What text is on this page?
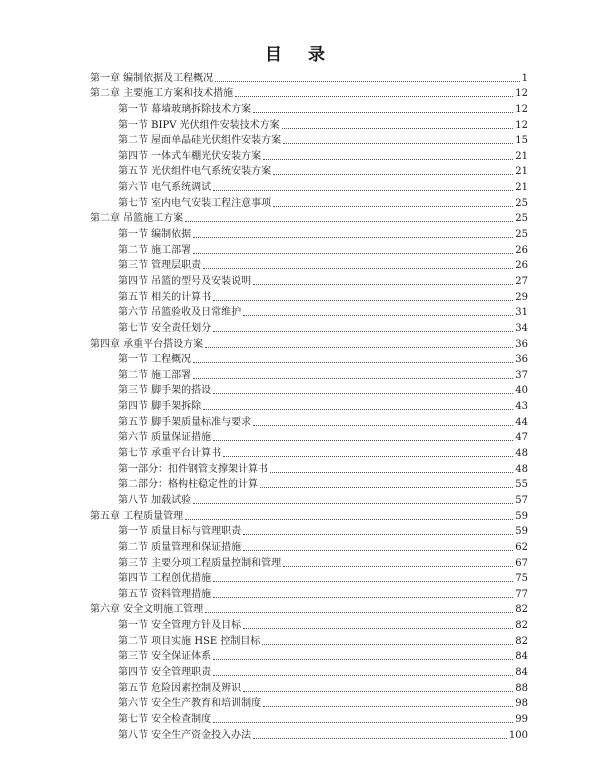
目 录
第一章 编制依据及工程概况	1
第二章 主要施工方案和技术措施	12
第一节 幕墙玻璃拆除技术方案	12
第一节 BIPV 光伏组件安装技术方案	12
第二节 屋面单晶硅光伏组件安装方案	15
第四节 一体式车棚光伏安装方案	21
第五节 光伏组件电气系统安装方案	21
第六节 电气系统调试	21
第七节 室内电气安装工程注意事项	25
第二章 吊篮施工方案	25
第一节 编制依据	25
第二节 施工部署	26
第三节 管理层职责	26
第四节 吊篮的型号及安装说明	27
第五节 相关的计算书	29
第六节 吊篮验收及日常维护	31
第七节 安全责任划分	34
第四章 承重平台搭设方案	36
第一节 工程概况	36
第二节 施工部署	37
第三节 脚手架的搭设	40
第四节 脚手架拆除	43
第五节 脚手架质量标准与要求	44
第六节 质量保证措施	47
第七节 承重平台计算书	48
第一部分：扣件钢管支撑架计算书	48
第二部分：格构柱稳定性的计算	55
第八节 加载试验	57
第五章 工程质量管理	59
第一节 质量目标与管理职责	59
第二节 质量管理和保证措施	62
第三节 主要分项工程质量控制和管理	67
第四节 工程创优措施	75
第五节 资料管理措施	77
第六章 安全文明施工管理	82
第一节 安全管理方针及目标	82
第二节 项目实施 HSE 控制目标	82
第三节 安全保证体系	84
第四节 安全管理职责	84
第五节 危险因素控制及辨识	88
第六节 安全生产教育和培训制度	98
第七节 安全检查制度	99
第八节 安全生产资金投入办法	100
